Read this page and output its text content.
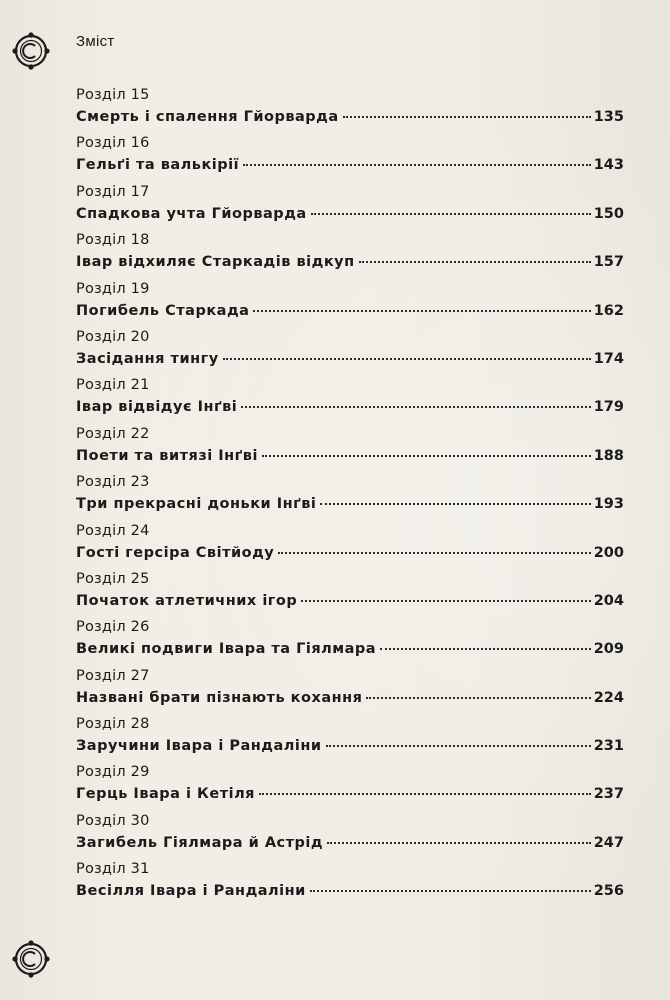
Зміст
Розділ 15
Смерть і спалення Гйорварда	135
Розділ 16
Гельґі та валькірії	143
Розділ 17
Спадкова учта Гйорварда	150
Розділ 18
Івар відхиляє Старкадів відкуп	157
Розділ 19
Погибель Старкада	162
Розділ 20
Засідання тингу	174
Розділ 21
Івар відвідує Інґві	179
Розділ 22
Поети та витязі Інґві	188
Розділ 23
Три прекрасні доньки Інґві	193
Розділ 24
Гості герсіра Світйоду	200
Розділ 25
Початок атлетичних ігор	204
Розділ 26
Великі подвиги Івара та Гіялмара	209
Розділ 27
Названі брати пізнають кохання	224
Розділ 28
Заручини Івара і Рандаліни	231
Розділ 29
Герць Івара і Кетіля	237
Розділ 30
Загибель Гіялмара й Астрід	247
Розділ 31
Весілля Івара і Рандаліни	256
